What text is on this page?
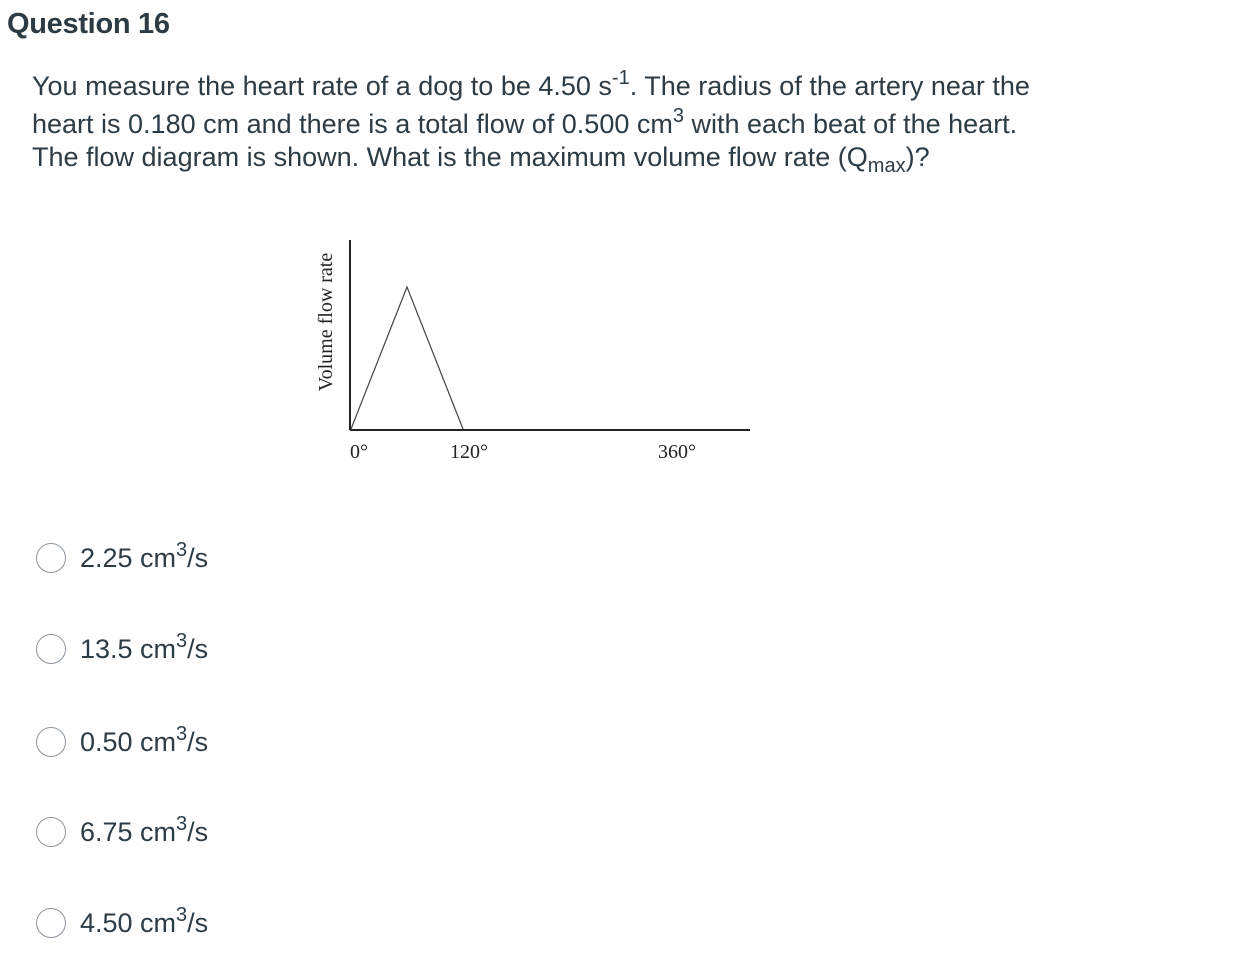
Question 16
You measure the heart rate of a dog to be 4.50 $s^{-1}$. The radius of the artery near the
heart is 0.180 cm and there is a total flow of 0.500 $cm^3$ with each beat of the heart.
The flow diagram is shown. What is the maximum volume flow rate $(Q_{max})$?
Volume flow rate
0°	120°	360°
2.25 $cm^3/s$
13.5 $cm^3/s$
0.50 $cm^3/s$
6.75 $cm^3/s$
4.50 $cm^3/s$
